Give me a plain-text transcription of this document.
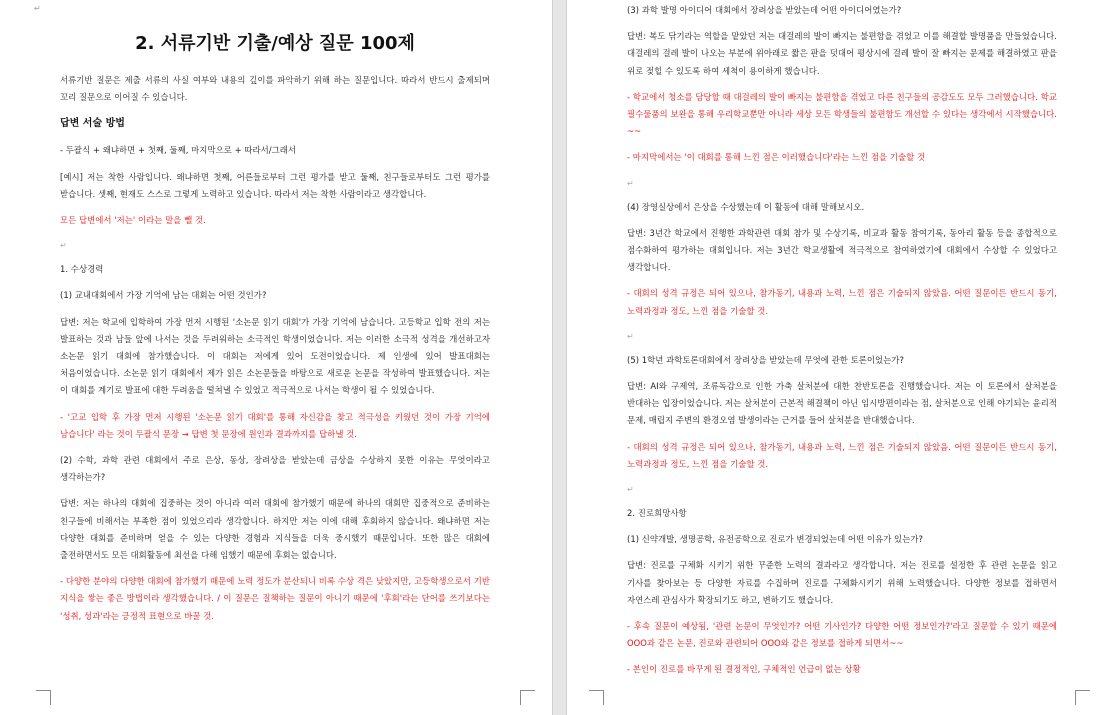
↵
2. 서류기반 기출/예상 질문 100제

서류기반 질문은 제출 서류의 사실 여부와 내용의 깊이를 파악하기 위해 하는 질문입니다. 따라서 반드시 출제되며 꼬리 질문으로 이어질 수 있습니다.

답변 서술 방법

- 두괄식 + 왜냐하면 + 첫째, 둘째, 마지막으로 + 따라서/그래서

[예시] 저는 착한 사람입니다. 왜냐하면 첫째, 어른들로부터 그런 평가를 받고 둘째, 친구들로부터도 그런 평가를 받습니다. 셋째, 현재도 스스로 그렇게 노력하고 있습니다. 따라서 저는 착한 사람이라고 생각합니다.

모든 답변에서 '저는' 이라는 말을 뺄 것.

↵

1. 수상경력

(1) 교내대회에서 가장 기억에 남는 대회는 어떤 것인가?

답변: 저는 학교에 입학하여 가장 먼저 시행된 '소논문 읽기 대회'가 가장 기억에 남습니다. 고등학교 입학 전의 저는 발표하는 것과 남들 앞에 나서는 것을 두려워하는 소극적인 학생이었습니다. 저는 이러한 소극적 성격을 개선하고자 소논문 읽기 대회에 참가했습니다. 이 대회는 저에게 있어 도전이었습니다. 제 인생에 있어 발표대회는 처음이었습니다. 소논문 읽기 대회에서 제가 읽은 소논문들을 바탕으로 새로운 논문을 작성하여 발표했습니다. 저는 이 대회를 계기로 발표에 대한 두려움을 떨쳐낼 수 있었고 적극적으로 나서는 학생이 될 수 있었습니다.

- '고교 입학 후 가장 먼저 시행된 '소논문 읽기 대회'를 통해 자신감을 찾고 적극성을 키웠던 것이 가장 기억에 남습니다' 라는 것이 두괄식 문장 → 답변 첫 문장에 원인과 결과까지를 답하낼 것.

(2) 수학, 과학 관련 대회에서 주로 은상, 동상, 장려상을 받았는데 금상을 수상하지 못한 이유는 무엇이라고 생각하는가?

답변: 저는 하나의 대회에 집중하는 것이 아니라 여러 대회에 참가했기 때문에 하나의 대회만 집중적으로 준비하는 친구들에 비해서는 부족한 점이 있었으리라 생각합니다. 하지만 저는 이에 대해 후회하지 않습니다. 왜냐하면 저는 다양한 대회를 준비하며 얻을 수 있는 다양한 경험과 지식들을 더욱 중시했기 때문입니다. 또한 많은 대회에 출전하면서도 모든 대회활동에 최선을 다해 임했기 때문에 후회는 없습니다.

- 다양한 분야의 다양한 대회에 참가했기 때문에 노력 정도가 분산되니 비록 수상 격은 낮았지만, 고등학생으로서 기반 지식을 쌓는 좋은 방법이라 생각했습니다. / 이 질문은 질책하는 질문이 아니기 때문에 '후회'라는 단어를 쓰기보다는 '성취, 성과'라는 긍정적 표현으로 바꿀 것.

(3) 과학 발명 아이디어 대회에서 장려상을 받았는데 어떤 아이디어였는가?

답변: 복도 닦기라는 역할을 맡았던 저는 대걸레의 발이 빠지는 불편함을 겪었고 이를 해결할 발명품을 만들었습니다. 대걸레의 걸레 발이 나오는 부분에 위아래로 짧은 판을 덧대어 평상시에 걸레 발이 잘 빠지는 문제를 해결하였고 판을 위로 젖힐 수 있도록 하여 세척이 용이하게 했습니다.

- 학교에서 청소를 담당할 때 대걸레의 발이 빠지는 불편함을 겪었고 다른 친구들의 공감도도 모두 그러했습니다. 학교 필수물품의 보완을 통해 우리학교뿐만 아니라 세상 모든 학생들의 불편함도 개선할 수 있다는 생각에서 시작했습니다. ~~

- 마지막에서는 '이 대회를 통해 느낀 점은 이러했습니다'라는 느낀 점을 기술할 것

↵

(4) 장영실상에서 은상을 수상했는데 이 활동에 대해 말해보시오.

답변: 3년간 학교에서 진행한 과학관련 대회 참가 및 수상기록, 비교과 활동 참여기록, 동아리 활동 등을 종합적으로 점수화하여 평가하는 대회입니다. 저는 3년간 학교생활에 적극적으로 참여하였기에 대회에서 수상할 수 있었다고 생각합니다.

- 대회의 성격 규정은 되어 있으나, 참가동기, 내용과 노력, 느낀 점은 기술되지 않았음. 어떤 질문이든 반드시 동기, 노력과정과 정도, 느낀 점을 기술할 것.

↵

(5) 1학년 과학토론대회에서 장려상을 받았는데 무엇에 관한 토론이었는가?

답변: AI와 구제역, 조류독감으로 인한 가축 살처분에 대한 찬반토론을 진행했습니다. 저는 이 토론에서 살처분을 반대하는 입장이었습니다. 저는 살처분이 근본적 해결책이 아닌 임시방편이라는 점, 살처분으로 인해 야기되는 윤리적 문제, 매립지 주변의 환경오염 발생이라는 근거를 들어 살처분을 반대했습니다.

- 대회의 성격 규정은 되어 있으나, 참가동기, 내용과 노력, 느낀 점은 기술되지 않았음. 어떤 질문이든 반드시 동기, 노력과정과 정도, 느낀 점을 기술할 것.

↵

2. 진로희망사항

(1) 신약개발, 생명공학, 유전공학으로 진로가 변경되었는데 어떤 이유가 있는가?

답변: 진로를 구체화 시키기 위한 꾸준한 노력의 결과라고 생각합니다. 저는 진로를 설정한 후 관련 논문을 읽고 기사를 찾아보는 등 다양한 자료를 수집하며 진로를 구체화시키기 위해 노력했습니다. 다양한 정보를 접하면서 자연스레 관심사가 확장되기도 하고, 변하기도 했습니다.

- 후속 질문이 예상됨, '관련 논문이 무엇인가? 어떤 기사인가? 다양한 어떤 정보인가?'라고 질문할 수 있기 때문에 OOO과 같은 논문, 진로와 관련되어 OOO와 같은 정보를 접하게 되면서~~

- 본인이 진로를 바꾸게 된 결정적인, 구체적인 언급이 없는 상황
